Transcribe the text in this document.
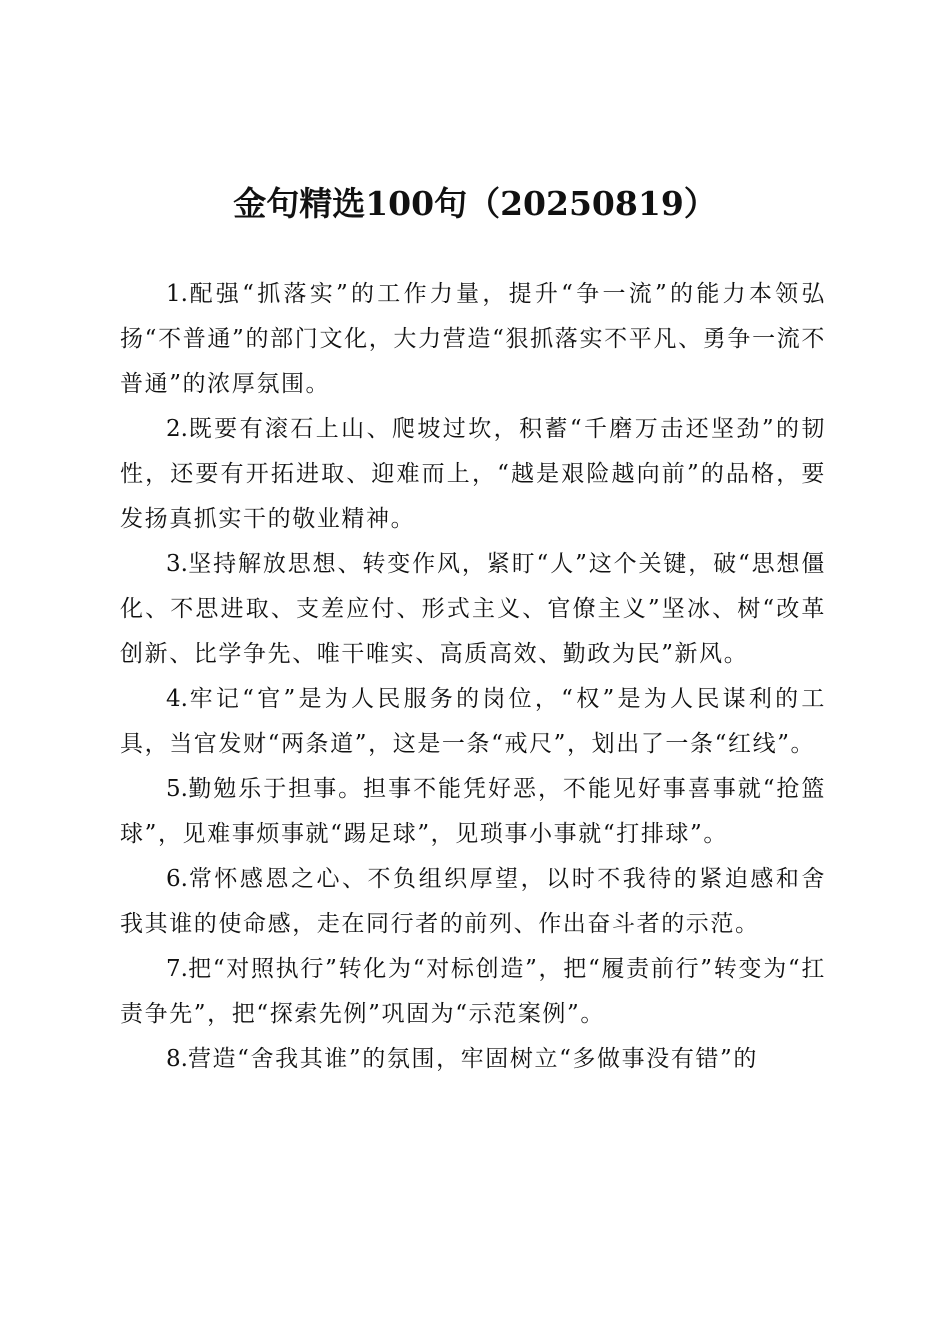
金句精选100句（20250819）

1.配强“抓落实”的工作力量，提升“争一流”的能力本领弘扬“不普通”的部门文化，大力营造“狠抓落实不平凡、勇争一流不普通”的浓厚氛围。

2.既要有滚石上山、爬坡过坎，积蓄“千磨万击还坚劲”的韧性，还要有开拓进取、迎难而上，“越是艰险越向前”的品格，要发扬真抓实干的敬业精神。

3.坚持解放思想、转变作风，紧盯“人”这个关键，破“思想僵化、不思进取、支差应付、形式主义、官僚主义”坚冰、树“改革创新、比学争先、唯干唯实、高质高效、勤政为民”新风。

4.牢记“官”是为人民服务的岗位，“权”是为人民谋利的工具，当官发财“两条道”，这是一条“戒尺”，划出了一条“红线”。

5.勤勉乐于担事。担事不能凭好恶，不能见好事喜事就“抢篮球”，见难事烦事就“踢足球”，见琐事小事就“打排球”。

6.常怀感恩之心、不负组织厚望，以时不我待的紧迫感和舍我其谁的使命感，走在同行者的前列、作出奋斗者的示范。

7.把“对照执行”转化为“对标创造”，把“履责前行”转变为“扛责争先”，把“探索先例”巩固为“示范案例”。

8.营造“舍我其谁”的氛围，牢固树立“多做事没有错”的
